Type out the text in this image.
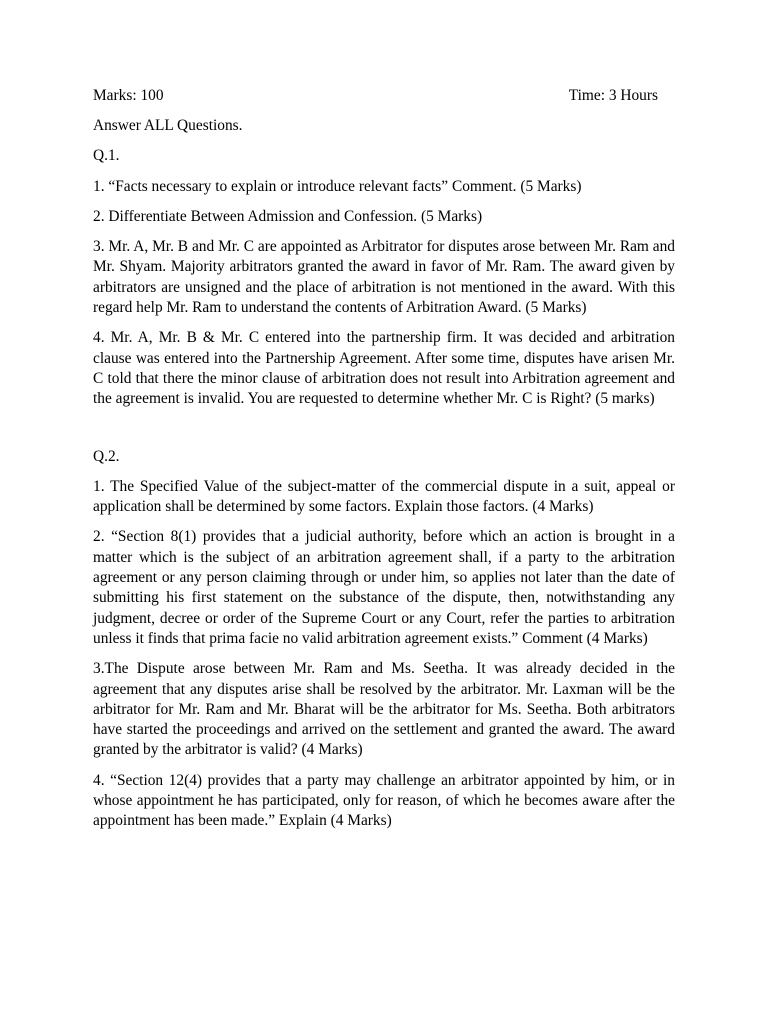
Marks: 100	Time: 3 Hours

Answer ALL Questions.

Q.1.

1. “Facts necessary to explain or introduce relevant facts” Comment. (5 Marks)

2. Differentiate Between Admission and Confession. (5 Marks)

3. Mr. A, Mr. B and Mr. C are appointed as Arbitrator for disputes arose between Mr. Ram and Mr. Shyam. Majority arbitrators granted the award in favor of Mr. Ram. The award given by arbitrators are unsigned and the place of arbitration is not mentioned in the award. With this regard help Mr. Ram to understand the contents of Arbitration Award. (5 Marks)

4. Mr. A, Mr. B & Mr. C entered into the partnership firm. It was decided and arbitration clause was entered into the Partnership Agreement. After some time, disputes have arisen Mr. C told that there the minor clause of arbitration does not result into Arbitration agreement and the agreement is invalid. You are requested to determine whether Mr. C is Right? (5 marks)

Q.2.

1. The Specified Value of the subject-matter of the commercial dispute in a suit, appeal or application shall be determined by some factors. Explain those factors. (4 Marks)

2. “Section 8(1) provides that a judicial authority, before which an action is brought in a matter which is the subject of an arbitration agreement shall, if a party to the arbitration agreement or any person claiming through or under him, so applies not later than the date of submitting his first statement on the substance of the dispute, then, notwithstanding any judgment, decree or order of the Supreme Court or any Court, refer the parties to arbitration unless it finds that prima facie no valid arbitration agreement exists.” Comment (4 Marks)

3.The Dispute arose between Mr. Ram and Ms. Seetha. It was already decided in the agreement that any disputes arise shall be resolved by the arbitrator. Mr. Laxman will be the arbitrator for Mr. Ram and Mr. Bharat will be the arbitrator for Ms. Seetha. Both arbitrators have started the proceedings and arrived on the settlement and granted the award. The award granted by the arbitrator is valid? (4 Marks)

4. “Section 12(4) provides that a party may challenge an arbitrator appointed by him, or in whose appointment he has participated, only for reason, of which he becomes aware after the appointment has been made.” Explain (4 Marks)
